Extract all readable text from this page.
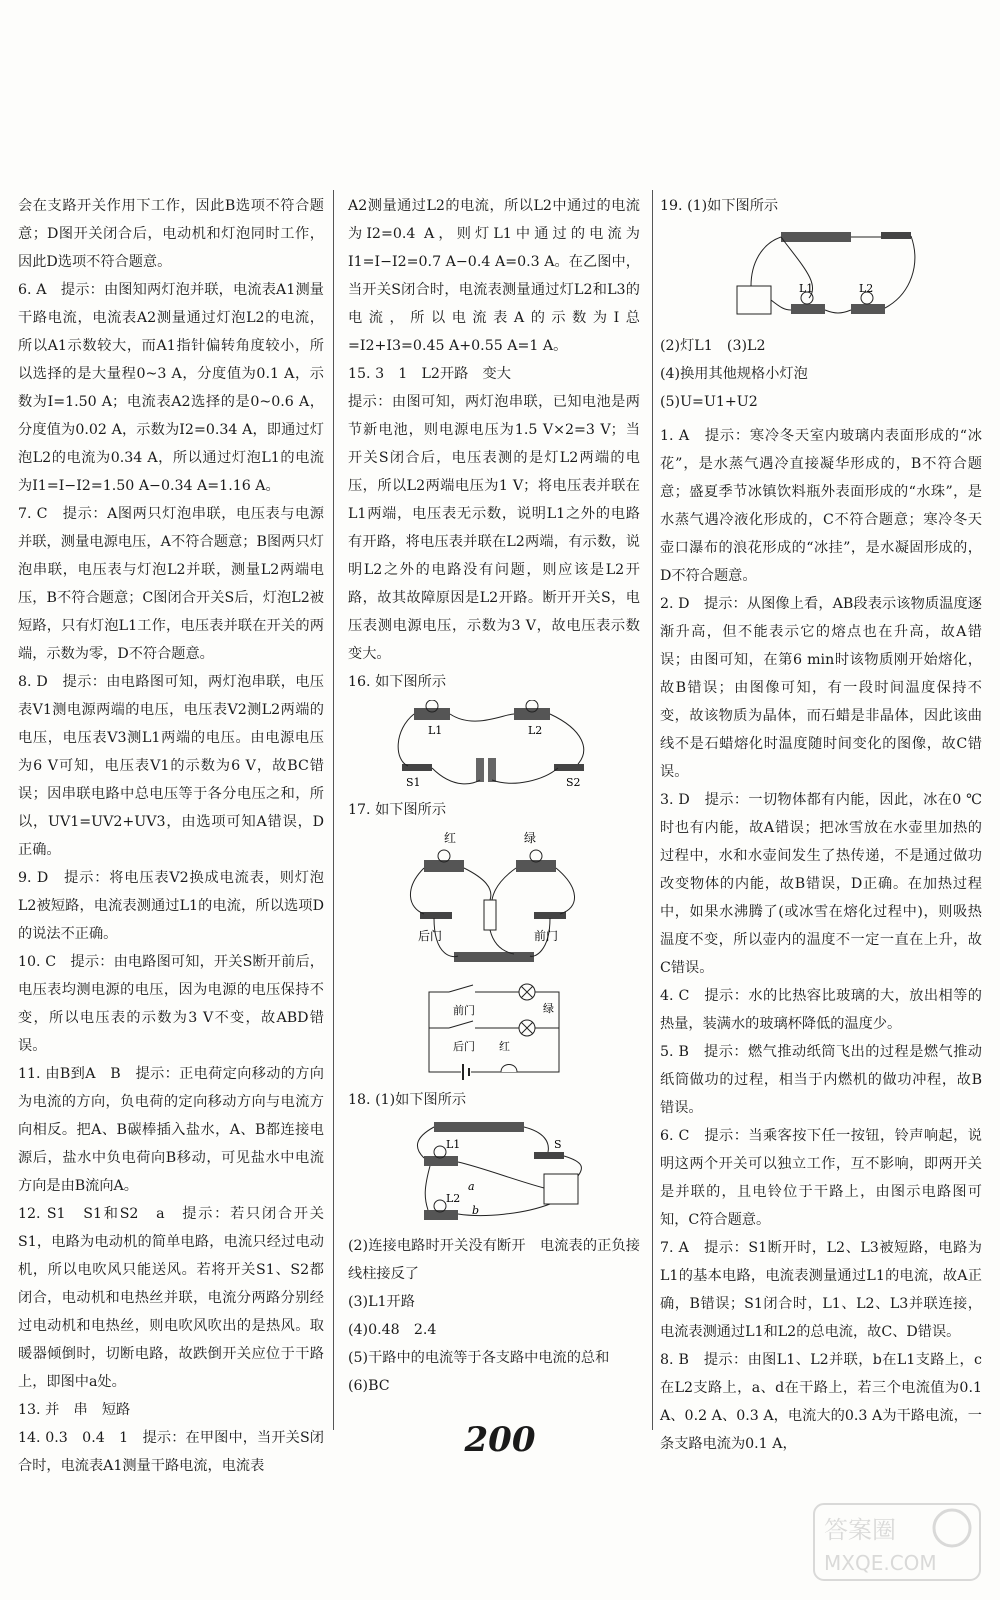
会在支路开关作用下工作，因此B选项不符合题意；D图开关闭合后，电动机和灯泡同时工作，因此D选项不符合题意。

6. A　提示：由图知两灯泡并联，电流表A1测量干路电流，电流表A2测量通过灯泡L2的电流，所以A1示数较大，而A1指针偏转角度较小，所以选择的是大量程0~3 A，分度值为0.1 A，示数为I=1.50 A；电流表A2选择的是0~0.6 A，分度值为0.02 A，示数为I2=0.34 A，即通过灯泡L2的电流为0.34 A，所以通过灯泡L1的电流为I1=I−I2=1.50 A−0.34 A=1.16 A。

7. C　提示：A图两只灯泡串联，电压表与电源并联，测量电源电压，A不符合题意；B图两只灯泡串联，电压表与灯泡L2并联，测量L2两端电压，B不符合题意；C图闭合开关S后，灯泡L2被短路，只有灯泡L1工作，电压表并联在开关的两端，示数为零，D不符合题意。

8. D　提示：由电路图可知，两灯泡串联，电压表V1测电源两端的电压，电压表V2测L2两端的电压，电压表V3测L1两端的电压。由电源电压为6 V可知，电压表V1的示数为6 V，故BC错误；因串联电路中总电压等于各分电压之和，所以，UV1=UV2+UV3，由选项可知A错误，D正确。

9. D　提示：将电压表V2换成电流表，则灯泡L2被短路，电流表测通过L1的电流，所以选项D的说法不正确。

10. C　提示：由电路图可知，开关S断开前后，电压表均测电源的电压，因为电源的电压保持不变，所以电压表的示数为3 V不变，故ABD错误。

11. 由B到A　B　提示：正电荷定向移动的方向为电流的方向，负电荷的定向移动方向与电流方向相反。把A、B碳棒插入盐水，A、B都连接电源后，盐水中负电荷向B移动，可见盐水中电流方向是由B流向A。

12. S1　S1和S2　a　提示：若只闭合开关S1，电路为电动机的简单电路，电流只经过电动机，所以电吹风只能送风。若将开关S1、S2都闭合，电动机和电热丝并联，电流分两路分别经过电动机和电热丝，则电吹风吹出的是热风。取暖器倾倒时，切断电路，故跌倒开关应位于干路上，即图中a处。

13. 并　串　短路

14. 0.3　0.4　1　提示：在甲图中，当开关S闭合时，电流表A1测量干路电流，电流表

A2测量通过L2的电流，所以L2中通过的电流为I2=0.4 A，则灯L1中通过的电流为I1=I−I2=0.7 A−0.4 A=0.3 A。在乙图中，当开关S闭合时，电流表测量通过灯L2和L3的电流，所以电流表A的示数为I总=I2+I3=0.45 A+0.55 A=1 A。

15. 3　1　L2开路　变大

提示：由图可知，两灯泡串联，已知电池是两节新电池，则电源电压为1.5 V×2=3 V；当开关S闭合后，电压表测的是灯L2两端的电压，所以L2两端电压为1 V；将电压表并联在L1两端，电压表无示数，说明L1之外的电路有开路，将电压表并联在L2两端，有示数，说明L2之外的电路没有问题，则应该是L2开路，故其故障原因是L2开路。断开开关S，电压表测电源电压，示数为3 V，故电压表示数变大。

16. 如下图所示

L1	L2
S1	S2

17. 如下图所示

红	绿
后门	前门
前门	绿
后门 红

18. (1)如下图所示

L1	S
a
L2
b

(2)连接电路时开关没有断开　电流表的正负接线柱接反了

(3)L1开路

(4)0.48　2.4

(5)干路中的电流等于各支路中电流的总和

(6)BC

19. (1)如下图所示

L1	L2

(2)灯L1　(3)L2

(4)换用其他规格小灯泡

(5)U=U1+U2

1. A　提示：寒冷冬天室内玻璃内表面形成的“冰花”，是水蒸气遇冷直接凝华形成的，B不符合题意；盛夏季节冰镇饮料瓶外表面形成的“水珠”，是水蒸气遇冷液化形成的，C不符合题意；寒冷冬天壶口瀑布的浪花形成的“冰挂”，是水凝固形成的，D不符合题意。

2. D　提示：从图像上看，AB段表示该物质温度逐渐升高，但不能表示它的熔点也在升高，故A错误；由图可知，在第6 min时该物质刚开始熔化，故B错误；由图像可知，有一段时间温度保持不变，故该物质为晶体，而石蜡是非晶体，因此该曲线不是石蜡熔化时温度随时间变化的图像，故C错误。

3. D　提示：一切物体都有内能，因此，冰在0 ℃时也有内能，故A错误；把冰雪放在水壶里加热的过程中，水和水壶间发生了热传递，不是通过做功改变物体的内能，故B错误，D正确。在加热过程中，如果水沸腾了(或冰雪在熔化过程中)，则吸热温度不变，所以壶内的温度不一定一直在上升，故C错误。

4. C　提示：水的比热容比玻璃的大，放出相等的热量，装满水的玻璃杯降低的温度少。

5. B　提示：燃气推动纸筒飞出的过程是燃气推动纸筒做功的过程，相当于内燃机的做功冲程，故B错误。

6. C　提示：当乘客按下任一按钮，铃声响起，说明这两个开关可以独立工作，互不影响，即两开关是并联的，且电铃位于干路上，由图示电路图可知，C符合题意。

7. A　提示：S1断开时，L2、L3被短路，电路为L1的基本电路，电流表测量通过L1的电流，故A正确，B错误；S1闭合时，L1、L2、L3并联连接，电流表测通过L1和L2的总电流，故C、D错误。

8. B　提示：由图L1、L2并联，b在L1支路上，c在L2支路上，a、d在干路上，若三个电流值为0.1 A、0.2 A、0.3 A，电流大的0.3 A为干路电流，一条支路电流为0.1 A，

200
答案圈
MXQE.COM
